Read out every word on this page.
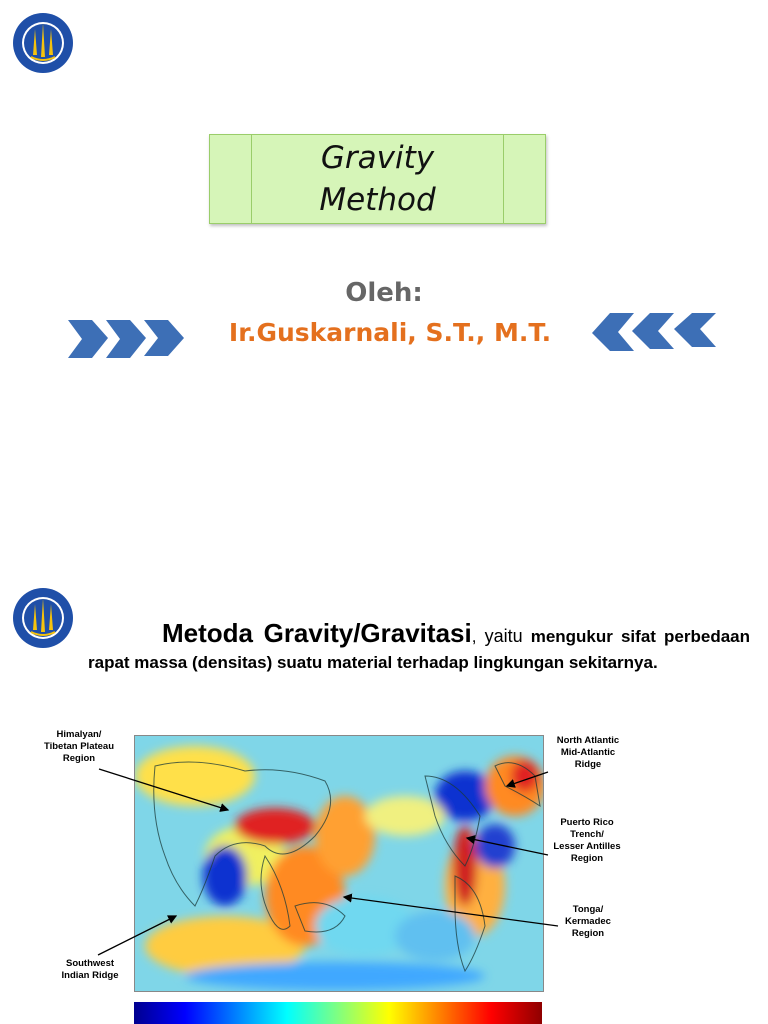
Gravity
Method
Oleh:
Ir.Guskarnali, S.T., M.T.
Metoda Gravity/Gravitasi, yaitu mengukur sifat perbedaan rapat massa (densitas) suatu material terhadap lingkungan sekitarnya.
Himalyan/
Tibetan Plateau
Region
North Atlantic
Mid-Atlantic
Ridge
Puerto Rico
Trench/
Lesser Antilles
Region
Tonga/
Kermadec
Region
Southwest
Indian Ridge
